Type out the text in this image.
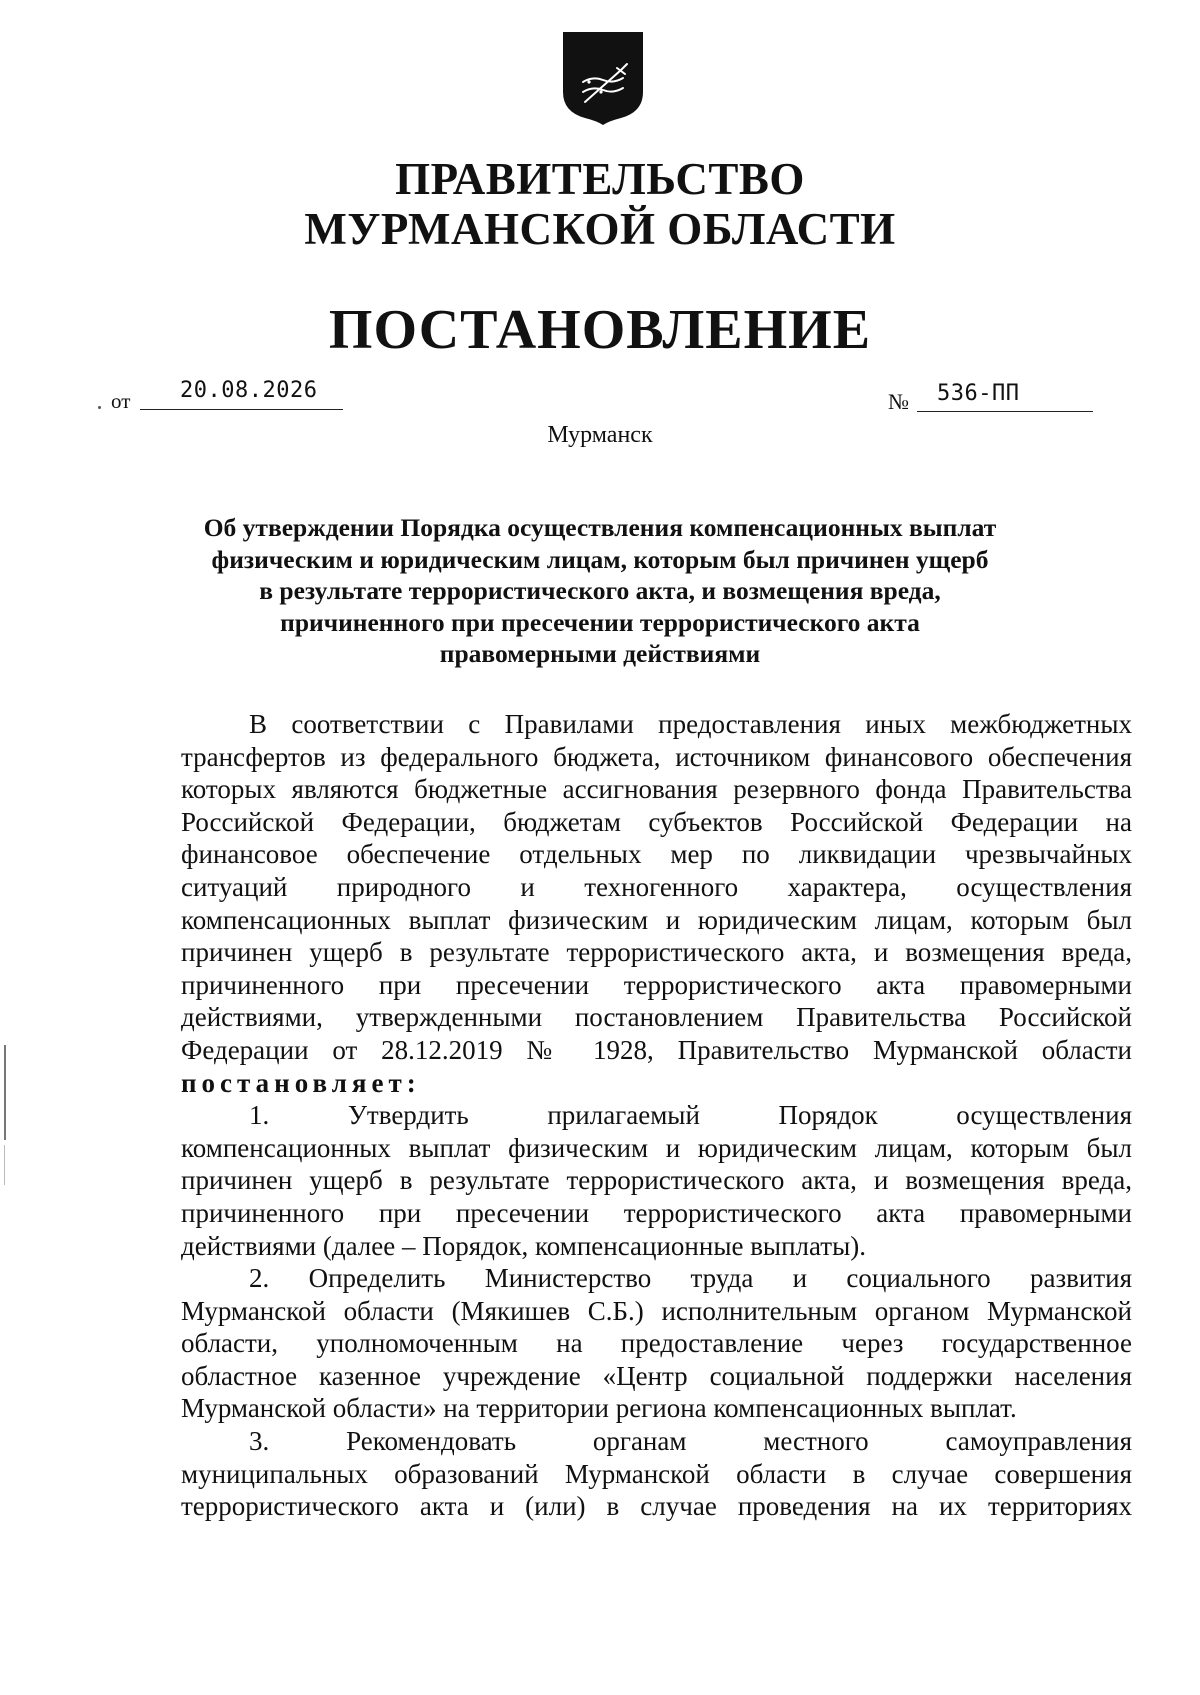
ПРАВИТЕЛЬСТВО
МУРМАНСКОЙ ОБЛАСТИ
ПОСТАНОВЛЕНИЕ
от 20.08.2026	№ 536-ПП
Мурманск
Об утверждении Порядка осуществления компенсационных выплат
физическим и юридическим лицам, которым был причинен ущерб
в результате террористического акта, и возмещения вреда,
причиненного при пресечении террористического акта
правомерными действиями
В соответствии с Правилами предоставления иных межбюджетных
трансфертов из федерального бюджета, источником финансового обеспечения
которых являются бюджетные ассигнования резервного фонда Правительства
Российской Федерации, бюджетам субъектов Российской Федерации на
финансовое обеспечение отдельных мер по ликвидации чрезвычайных
ситуаций природного и техногенного характера, осуществления
компенсационных выплат физическим и юридическим лицам, которым был
причинен ущерб в результате террористического акта, и возмещения вреда,
причиненного при пресечении террористического акта правомерными
действиями, утвержденными постановлением Правительства Российской
Федерации от 28.12.2019 № 1928, Правительство Мурманской области
постановляет:
1. Утвердить прилагаемый Порядок осуществления
компенсационных выплат физическим и юридическим лицам, которым был
причинен ущерб в результате террористического акта, и возмещения вреда,
причиненного при пресечении террористического акта правомерными
действиями (далее – Порядок, компенсационные выплаты).
2. Определить Министерство труда и социального развития
Мурманской области (Мякишев С.Б.) исполнительным органом Мурманской
области, уполномоченным на предоставление через государственное
областное казенное учреждение «Центр социальной поддержки населения
Мурманской области» на территории региона компенсационных выплат.
3. Рекомендовать органам местного самоуправления
муниципальных образований Мурманской области в случае совершения
террористического акта и (или) в случае проведения на их территориях
